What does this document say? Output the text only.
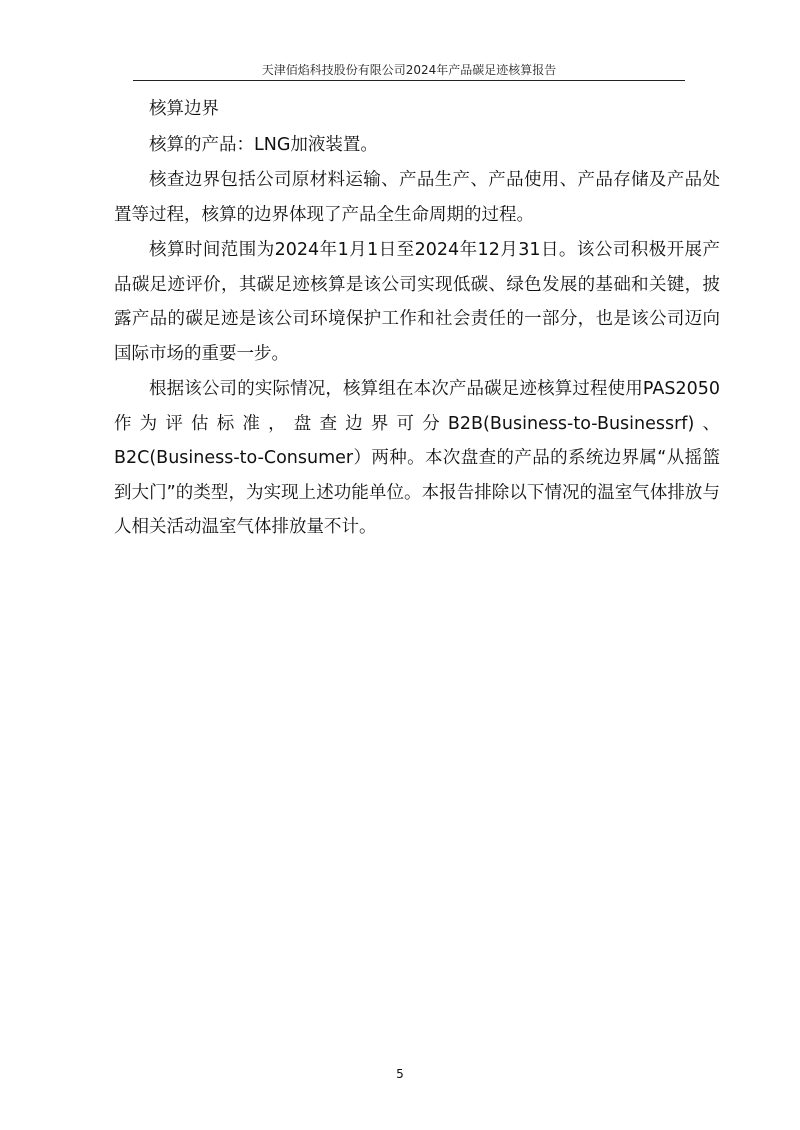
天津佰焰科技股份有限公司2024年产品碳足迹核算报告

核算边界

核算的产品：LNG加液装置。

核查边界包括公司原材料运输、产品生产、产品使用、产品存储及产品处置等过程，核算的边界体现了产品全生命周期的过程。

核算时间范围为2024年1月1日至2024年12月31日。该公司积极开展产品碳足迹评价，其碳足迹核算是该公司实现低碳、绿色发展的基础和关键，披露产品的碳足迹是该公司环境保护工作和社会责任的一部分，也是该公司迈向国际市场的重要一步。

根据该公司的实际情况，核算组在本次产品碳足迹核算过程使用PAS2050作为评估标准，盘查边界可分B2B(Business-to-Businessrf)、B2C(Business-to-Consumer）两种。本次盘查的产品的系统边界属“从摇篮到大门”的类型，为实现上述功能单位。本报告排除以下情况的温室气体排放与人相关活动温室气体排放量不计。

5
